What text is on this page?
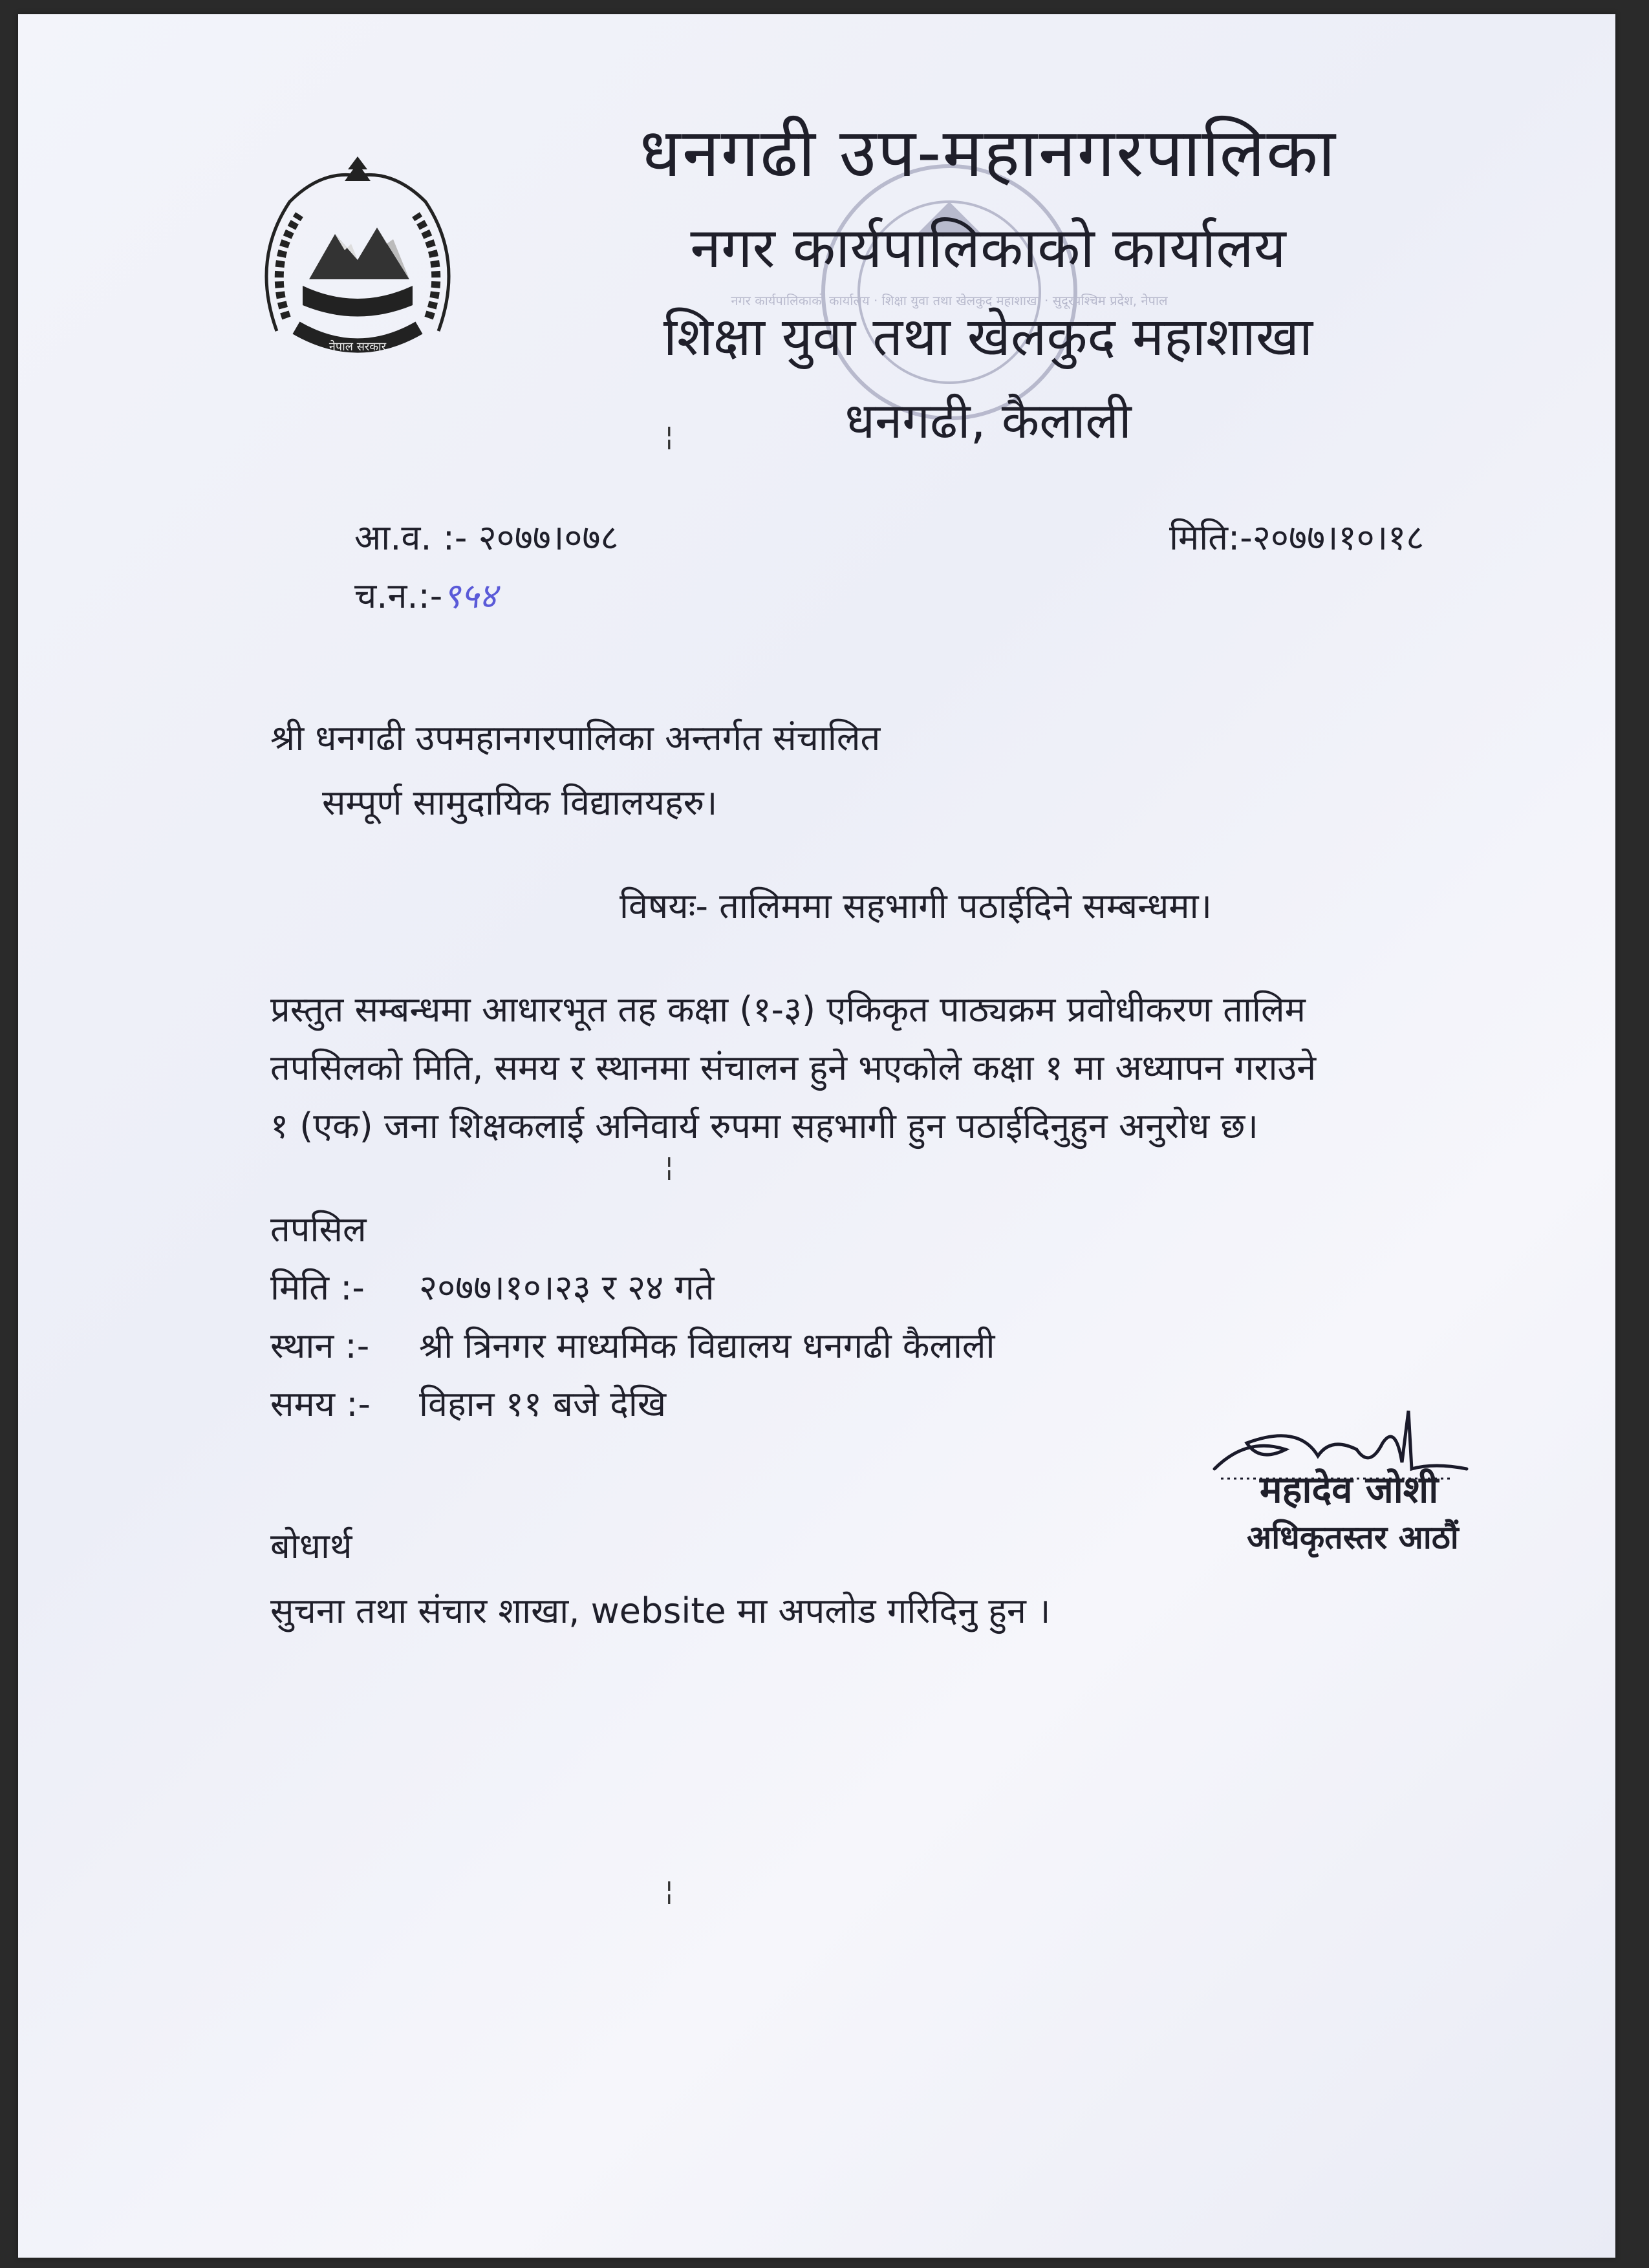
नेपाल सरकार
नगर कार्यपालिकाको कार्यालय · शिक्षा युवा तथा खेलकुद महाशाखा · सुदूरपश्चिम प्रदेश, नेपाल
धनगढी उप-महानगरपालिका
नगर कार्यपालिकाको कार्यालय
शिक्षा युवा तथा खेलकुद महाशाखा
धनगढी, कैलाली
¦
आ.व. :- २०७७।०७८	मिति:-२०७७।१०।१८
च.न.:-९५४
श्री धनगढी उपमहानगरपालिका अन्तर्गत संचालित
सम्पूर्ण सामुदायिक विद्यालयहरु।
विषयः- तालिममा सहभागी पठाईदिने सम्बन्धमा।
प्रस्तुत सम्बन्धमा आधारभूत तह कक्षा (१-३) एकिकृत पाठ्यक्रम प्रवोधीकरण तालिम
तपसिलको मिति, समय र स्थानमा संचालन हुने भएकोले कक्षा १ मा अध्यापन गराउने
१ (एक) जना शिक्षकलाई अनिवार्य रुपमा सहभागी हुन पठाईदिनुहुन अनुरोध छ।
¦
तपसिल
मिति :- २०७७।१०।२३ र २४ गते
स्थान :- श्री त्रिनगर माध्यमिक विद्यालय धनगढी कैलाली
समय :- विहान ११ बजे देखि
महादेव जोशी
अधिकृतस्तर आठौं
बोधार्थ
सुचना तथा संचार शाखा, website मा अपलोड गरिदिनु हुन ।
¦
